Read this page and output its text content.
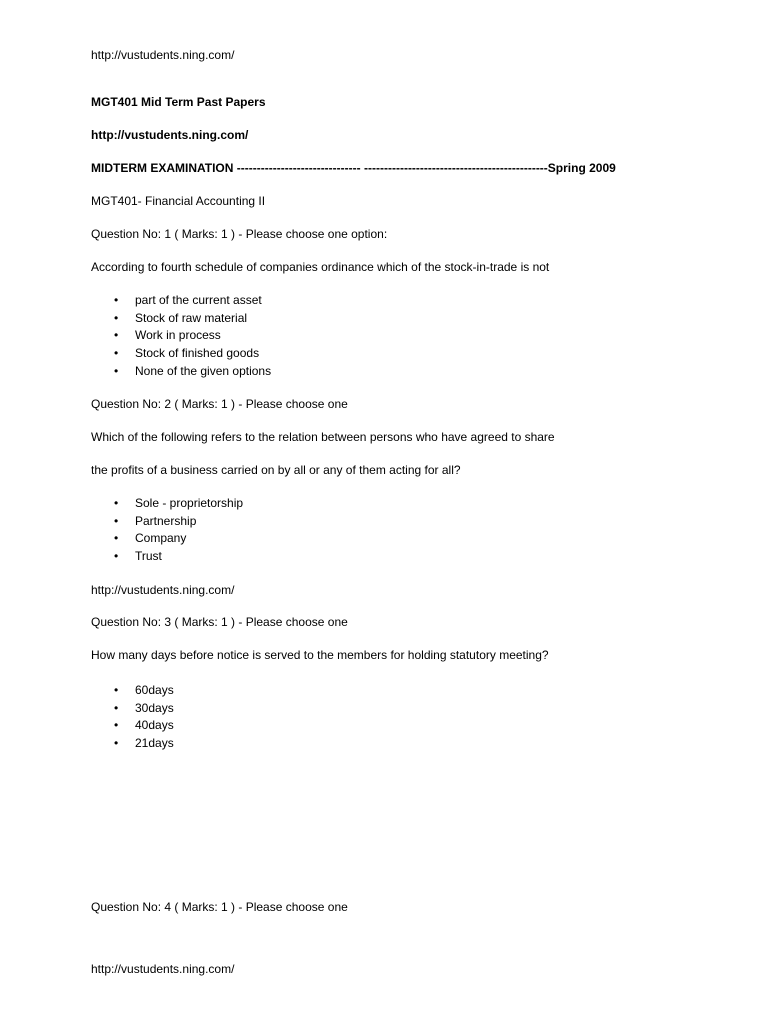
http://vustudents.ning.com/
MGT401 Mid Term Past Papers
http://vustudents.ning.com/
MIDTERM EXAMINATION ------------------------------- ----------------------------------------------Spring 2009
MGT401- Financial Accounting II
Question No: 1 ( Marks: 1 ) - Please choose one option:
According to fourth schedule of companies ordinance which of the stock-in-trade is not
• part of the current asset
• Stock of raw material
• Work in process
• Stock of finished goods
• None of the given options
Question No: 2 ( Marks: 1 ) - Please choose one
Which of the following refers to the relation between persons who have agreed to share
the profits of a business carried on by all or any of them acting for all?
• Sole - proprietorship
• Partnership
• Company
• Trust
http://vustudents.ning.com/
Question No: 3 ( Marks: 1 ) - Please choose one
How many days before notice is served to the members for holding statutory meeting?
• 60days
• 30days
• 40days
• 21days
Question No: 4 ( Marks: 1 ) - Please choose one
http://vustudents.ning.com/
